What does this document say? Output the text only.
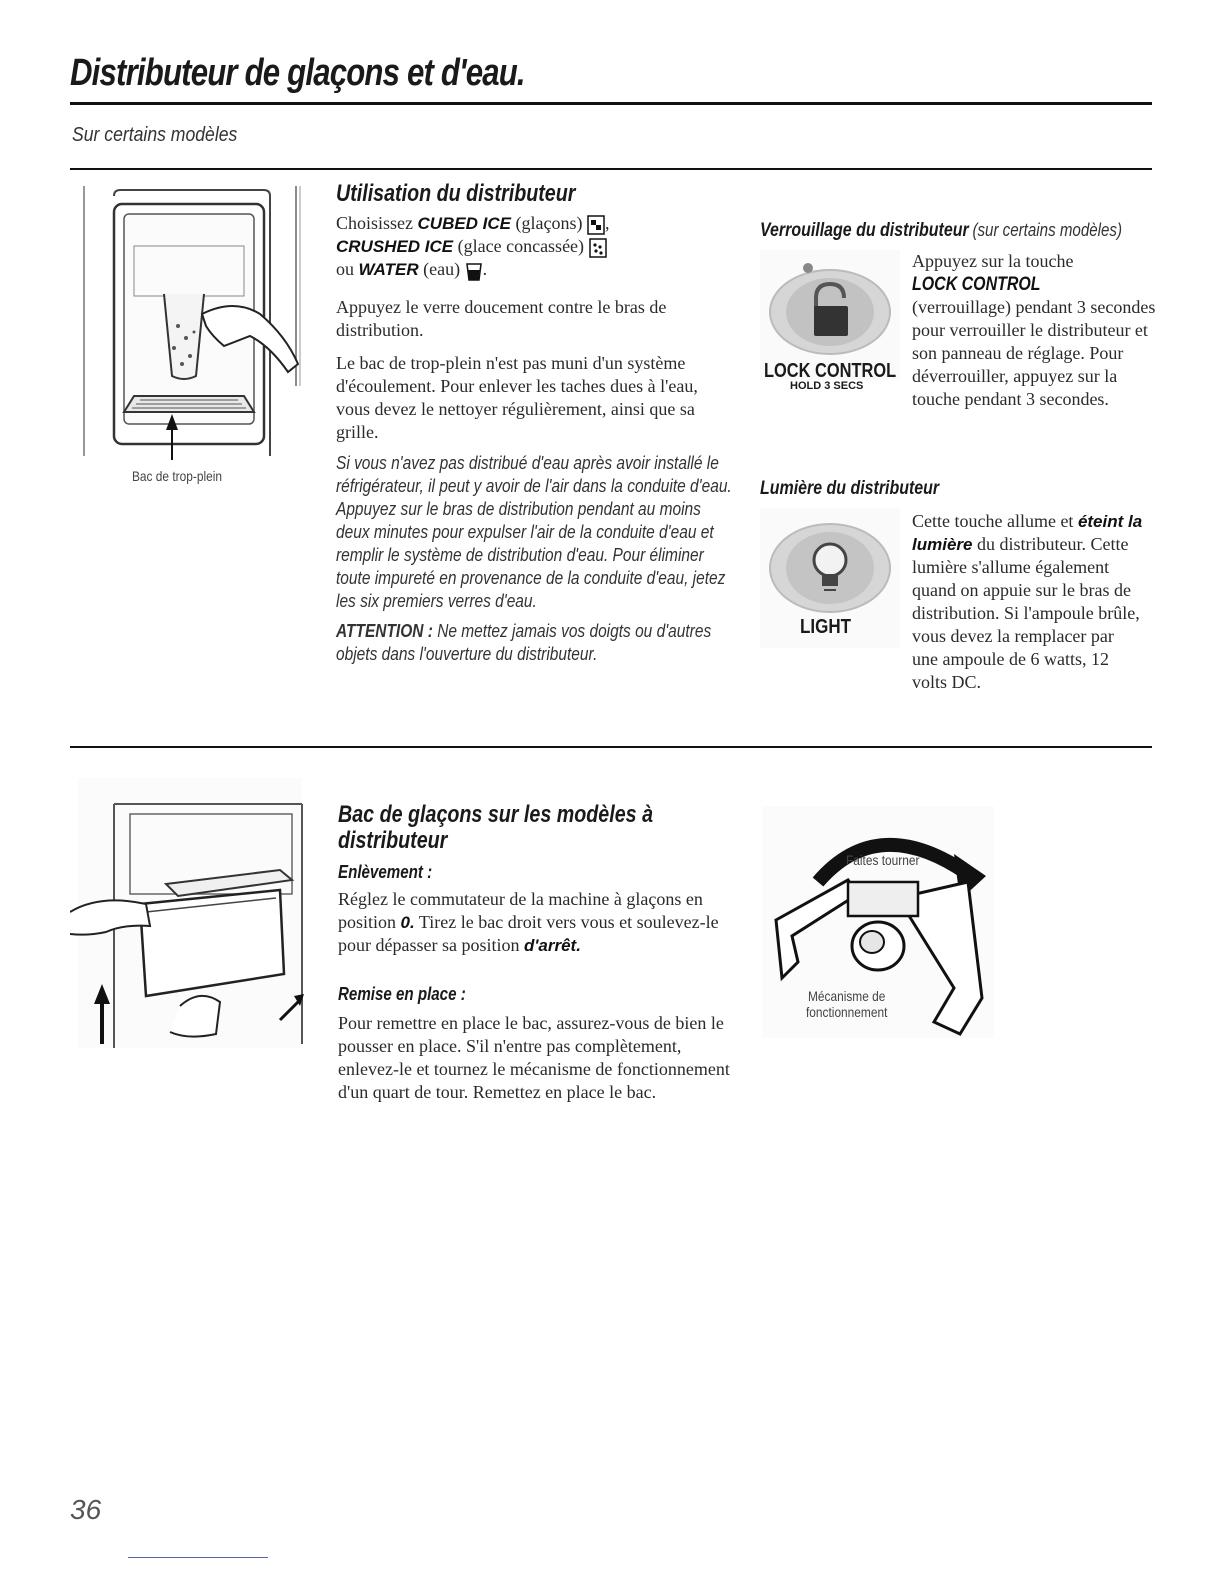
Distributeur de glaçons et d'eau.
Sur certains modèles
Bac de trop-plein
Utilisation du distributeur
Choisissez CUBED ICE (glaçons) ,
CRUSHED ICE (glace concassée)
ou WATER (eau) .
Appuyez le verre doucement contre le bras de distribution.
Le bac de trop-plein n'est pas muni d'un système d'écoulement. Pour enlever les taches dues à l'eau, vous devez le nettoyer régulièrement, ainsi que sa grille.
Si vous n'avez pas distribué d'eau après avoir installé le réfrigérateur, il peut y avoir de l'air dans la conduite d'eau. Appuyez sur le bras de distribution pendant au moins deux minutes pour expulser l'air de la conduite d'eau et remplir le système de distribution d'eau. Pour éliminer toute impureté en provenance de la conduite d'eau, jetez les six premiers verres d'eau.
ATTENTION : Ne mettez jamais vos doigts ou d'autres objets dans l'ouverture du distributeur.
Verrouillage du distributeur (sur certains modèles)
LOCK CONTROL
HOLD 3 SECS
Appuyez sur la touche
LOCK CONTROL
(verrouillage) pendant 3 secondes pour verrouiller le distributeur et son panneau de réglage. Pour déverrouiller, appuyez sur la touche pendant 3 secondes.
Lumière du distributeur
LIGHT
Cette touche allume et éteint la lumière du distributeur. Cette lumière s'allume également quand on appuie sur le bras de distribution. Si l'ampoule brûle, vous devez la remplacer par une ampoule de 6 watts, 12 volts DC.
Bac de glaçons sur les modèles à distributeur
Enlèvement :
Réglez le commutateur de la machine à glaçons en position 0. Tirez le bac droit vers vous et soulevez-le pour dépasser sa position d'arrêt.
Remise en place :
Pour remettre en place le bac, assurez-vous de bien le pousser en place. S'il n'entre pas complètement, enlevez-le et tournez le mécanisme de fonctionnement d'un quart de tour. Remettez en place le bac.
Faites tourner
Mécanisme de
fonctionnement
36
